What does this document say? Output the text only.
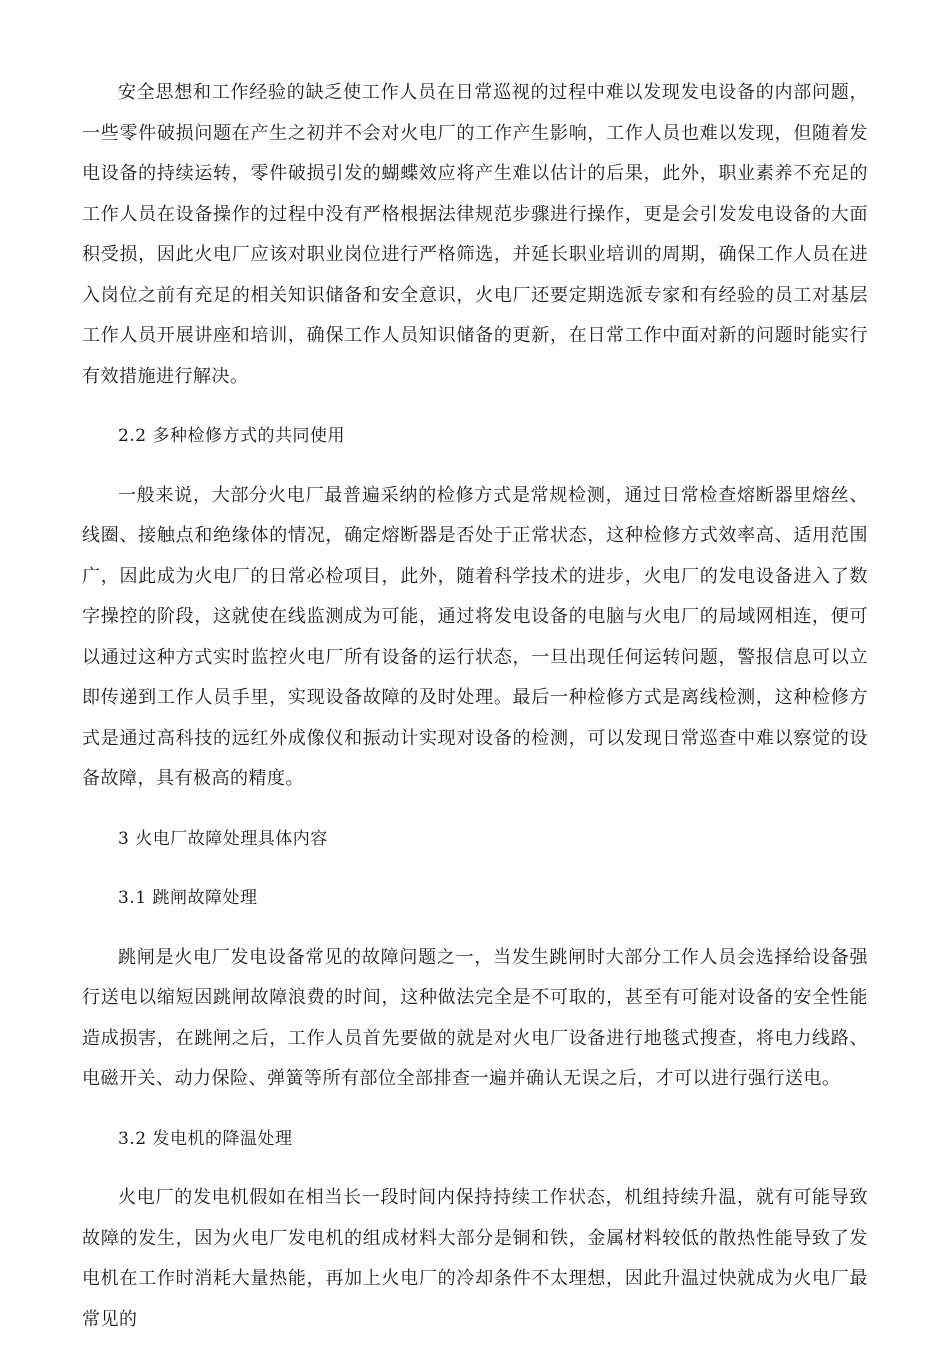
安全思想和工作经验的缺乏使工作人员在日常巡视的过程中难以发现发电设备的内部问题，一些零件破损问题在产生之初并不会对火电厂的工作产生影响，工作人员也难以发现，但随着发电设备的持续运转，零件破损引发的蝴蝶效应将产生难以估计的后果，此外，职业素养不充足的工作人员在设备操作的过程中没有严格根据法律规范步骤进行操作，更是会引发发电设备的大面积受损，因此火电厂应该对职业岗位进行严格筛选，并延长职业培训的周期，确保工作人员在进入岗位之前有充足的相关知识储备和安全意识，火电厂还要定期选派专家和有经验的员工对基层工作人员开展讲座和培训，确保工作人员知识储备的更新，在日常工作中面对新的问题时能实行有效措施进行解决。

2.2 多种检修方式的共同使用

一般来说，大部分火电厂最普遍采纳的检修方式是常规检测，通过日常检查熔断器里熔丝、线圈、接触点和绝缘体的情况，确定熔断器是否处于正常状态，这种检修方式效率高、适用范围广，因此成为火电厂的日常必检项目，此外，随着科学技术的进步，火电厂的发电设备进入了数字操控的阶段，这就使在线监测成为可能，通过将发电设备的电脑与火电厂的局域网相连，便可以通过这种方式实时监控火电厂所有设备的运行状态，一旦出现任何运转问题，警报信息可以立即传递到工作人员手里，实现设备故障的及时处理。最后一种检修方式是离线检测，这种检修方式是通过高科技的远红外成像仪和振动计实现对设备的检测，可以发现日常巡查中难以察觉的设备故障，具有极高的精度。

3 火电厂故障处理具体内容

3.1 跳闸故障处理

跳闸是火电厂发电设备常见的故障问题之一，当发生跳闸时大部分工作人员会选择给设备强行送电以缩短因跳闸故障浪费的时间，这种做法完全是不可取的，甚至有可能对设备的安全性能造成损害，在跳闸之后，工作人员首先要做的就是对火电厂设备进行地毯式搜查，将电力线路、电磁开关、动力保险、弹簧等所有部位全部排查一遍并确认无误之后，才可以进行强行送电。

3.2 发电机的降温处理

火电厂的发电机假如在相当长一段时间内保持持续工作状态，机组持续升温，就有可能导致故障的发生，因为火电厂发电机的组成材料大部分是铜和铁，金属材料较低的散热性能导致了发电机在工作时消耗大量热能，再加上火电厂的冷却条件不太理想，因此升温过快就成为火电厂最常见的
